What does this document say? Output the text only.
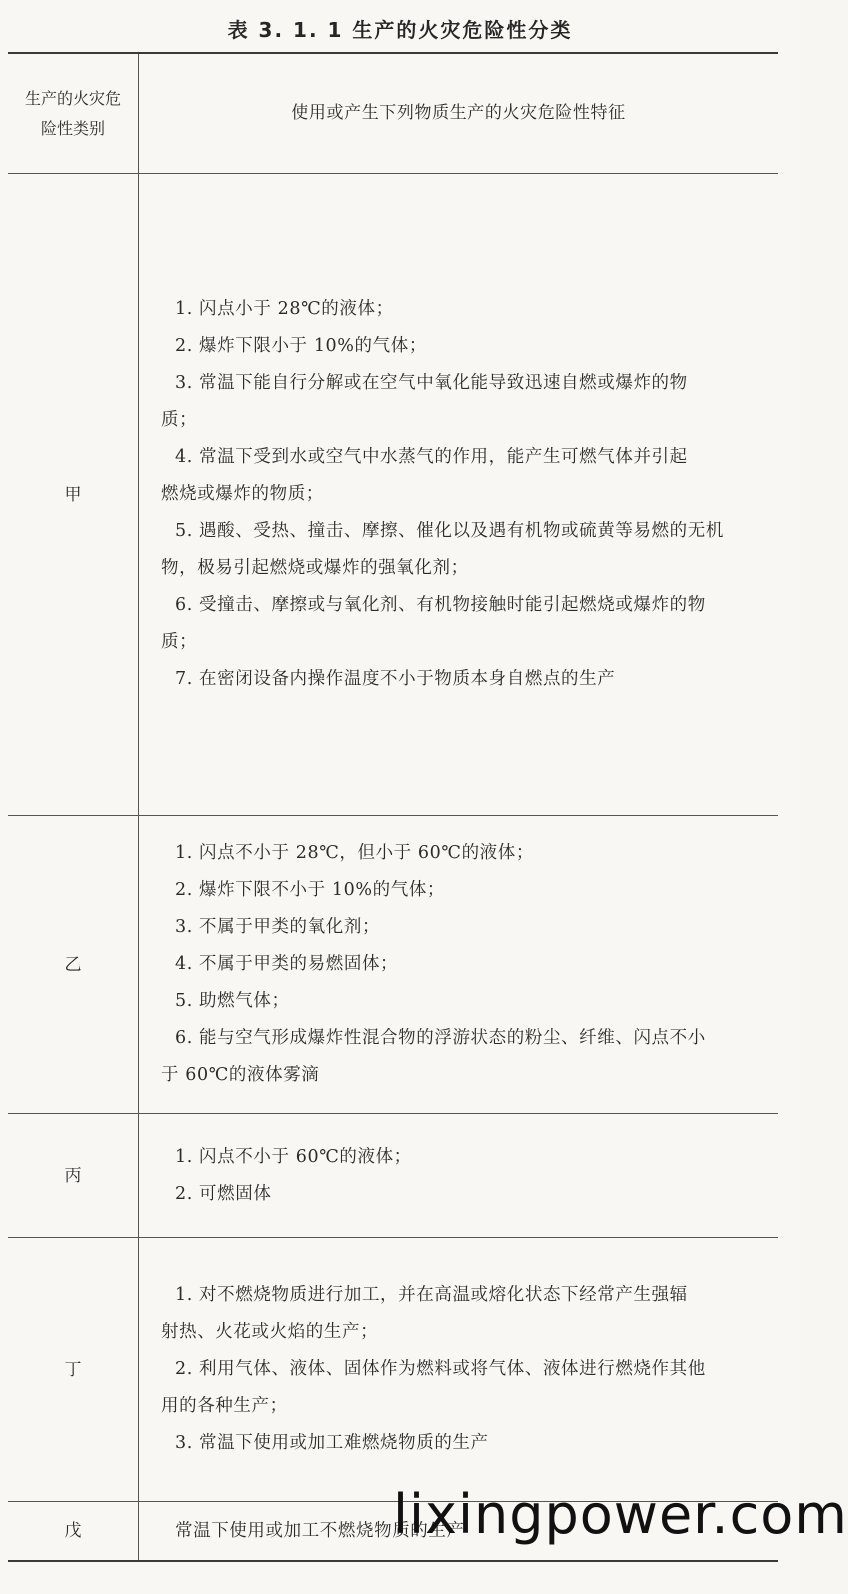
表 3. 1. 1 生产的火灾危险性分类
生产的火灾危险性类别
使用或产生下列物质生产的火灾危险性特征
甲
1. 闪点小于 28℃的液体；
2. 爆炸下限小于 10%的气体；
3. 常温下能自行分解或在空气中氧化能导致迅速自燃或爆炸的物
质；
4. 常温下受到水或空气中水蒸气的作用，能产生可燃气体并引起
燃烧或爆炸的物质；
5. 遇酸、受热、撞击、摩擦、催化以及遇有机物或硫黄等易燃的无机
物，极易引起燃烧或爆炸的强氧化剂；
6. 受撞击、摩擦或与氧化剂、有机物接触时能引起燃烧或爆炸的物
质；
7. 在密闭设备内操作温度不小于物质本身自燃点的生产
乙
1. 闪点不小于 28℃，但小于 60℃的液体；
2. 爆炸下限不小于 10%的气体；
3. 不属于甲类的氧化剂；
4. 不属于甲类的易燃固体；
5. 助燃气体；
6. 能与空气形成爆炸性混合物的浮游状态的粉尘、纤维、闪点不小
于 60℃的液体雾滴
丙
1. 闪点不小于 60℃的液体；
2. 可燃固体
丁
1. 对不燃烧物质进行加工，并在高温或熔化状态下经常产生强辐
射热、火花或火焰的生产；
2. 利用气体、液体、固体作为燃料或将气体、液体进行燃烧作其他
用的各种生产；
3. 常温下使用或加工难燃烧物质的生产
戊	常温下使用或加工不燃烧物质的生产
lixingpower.com
